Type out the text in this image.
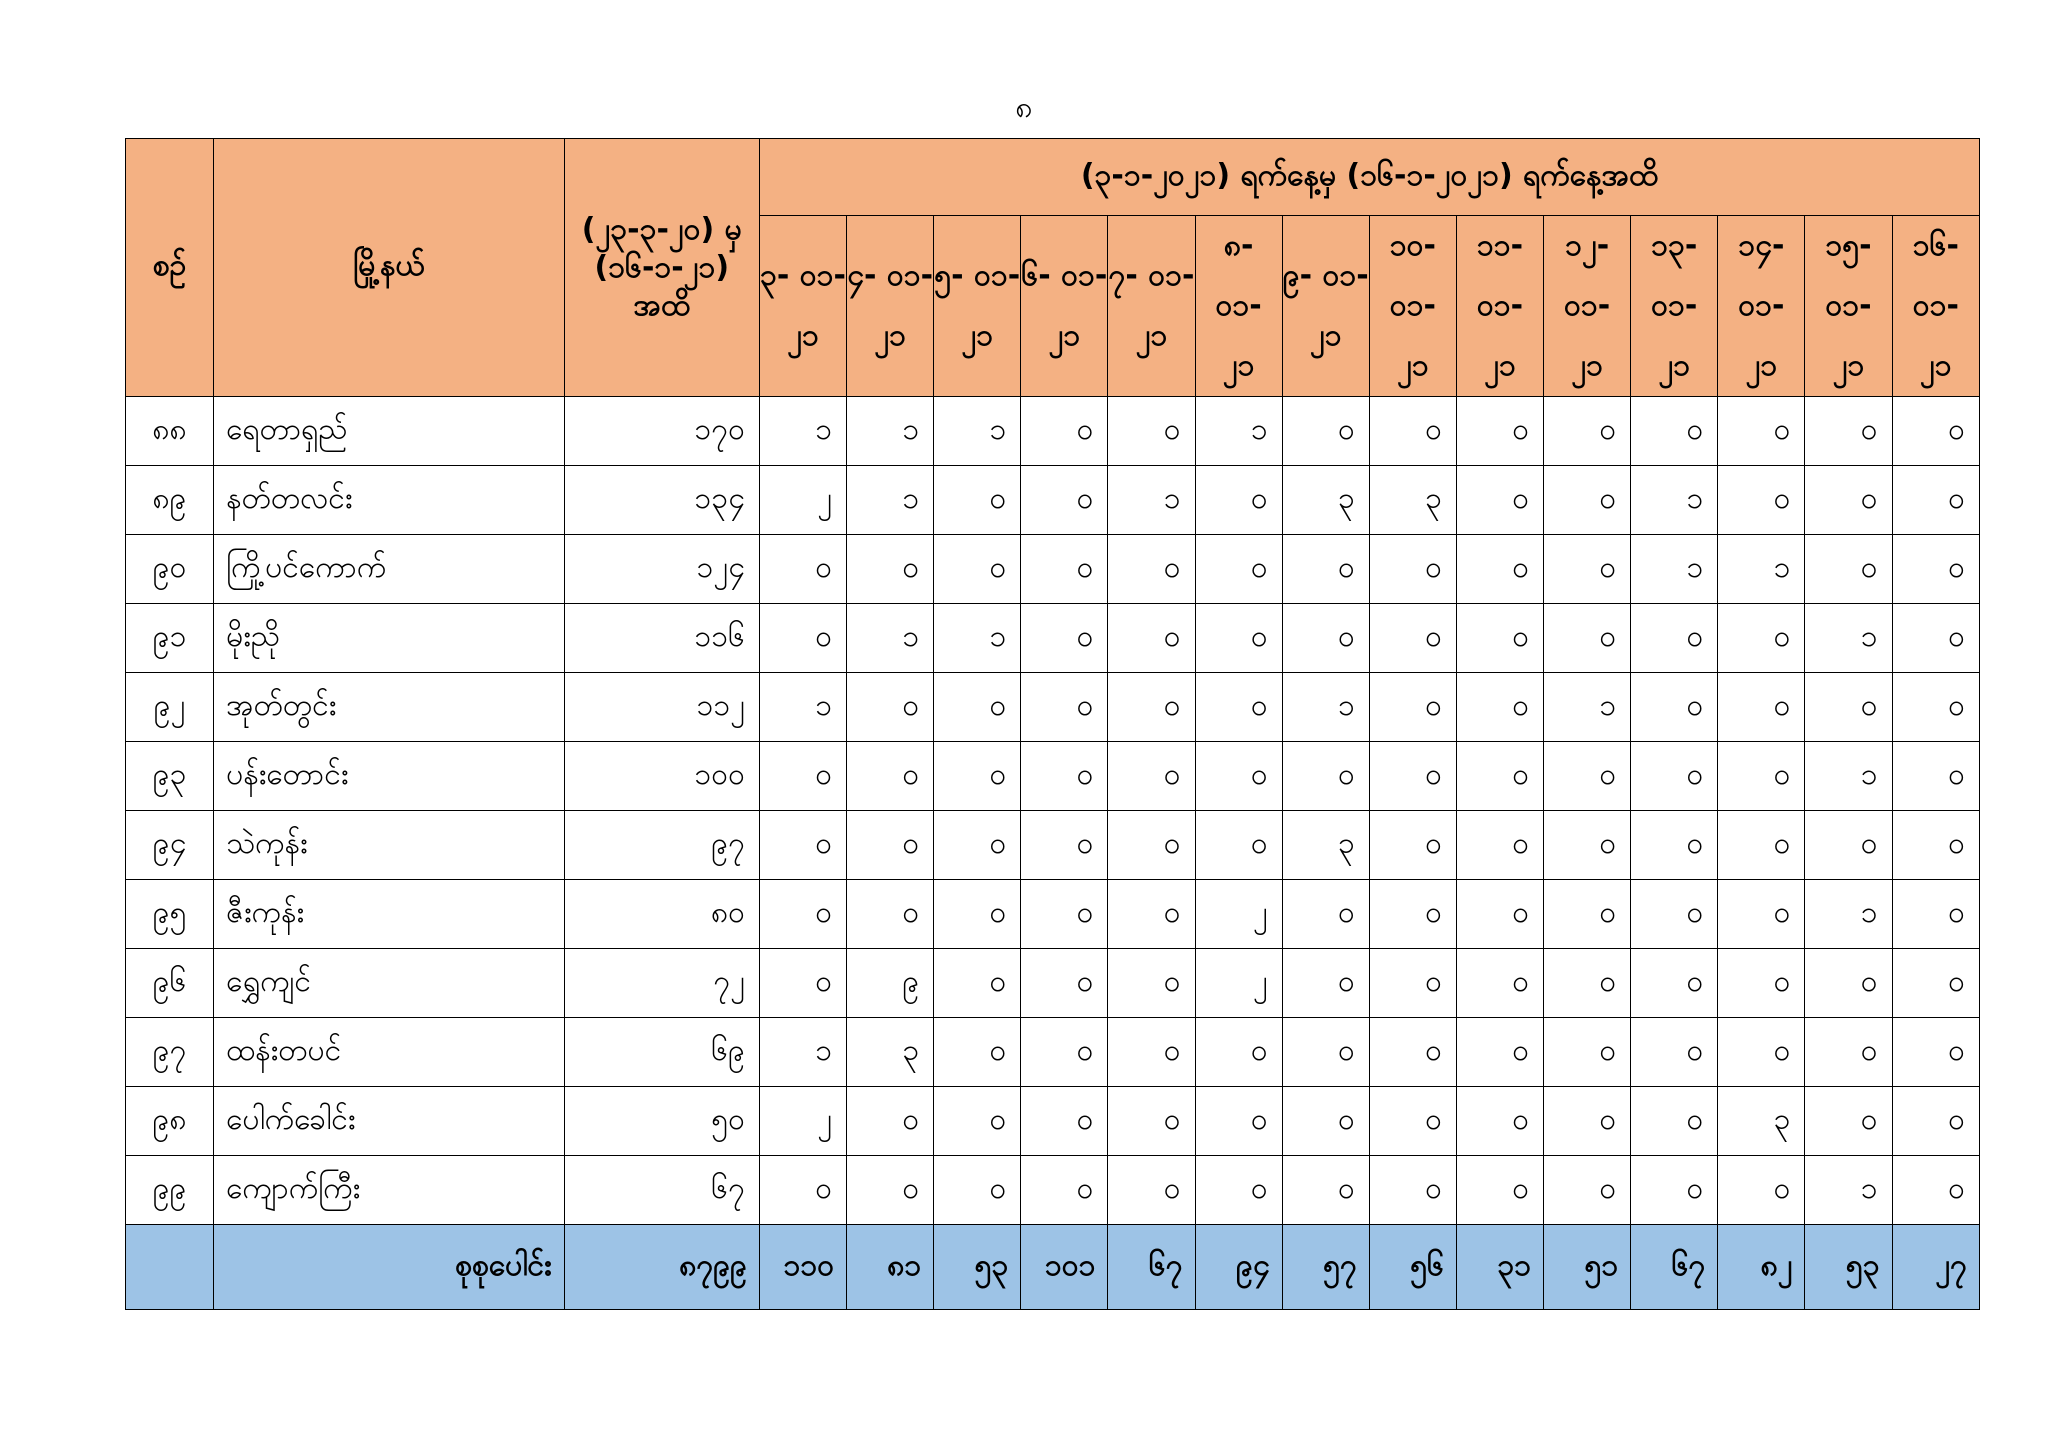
၈
စဉ်	မြို့နယ်	(၂၃-၃-၂၀) မှ (၁၆-၁-၂၁) အထိ	(၃-၁-၂၀၂၁) ရက်နေ့မှ (၁၆-၁-၂၀၂၁) ရက်နေ့အထိ													
			၃- ၀၁- ၂၁	၄- ၀၁- ၂၁	၅- ၀၁- ၂၁	၆- ၀၁- ၂၁	၇- ၀၁- ၂၁	၈- ၀၁- ၂၁	၉- ၀၁- ၂၁	၁၀- ၀၁- ၂၁	၁၁- ၀၁- ၂၁	၁၂- ၀၁- ၂၁	၁၃- ၀၁- ၂၁	၁၄- ၀၁- ၂၁	၁၅- ၀၁- ၂၁	၁၆- ၀၁- ၂၁
၈၈	ရေတာရှည်	၁၇၀	၁	၁	၁	၀	၀	၁	၀	၀	၀	၀	၀	၀	၀	၀
၈၉	နတ်တလင်း	၁၃၄	၂	၁	၀	၀	၁	၀	၃	၃	၀	၀	၁	၀	၀	၀
၉၀	ကြို့ပင်ကောက်	၁၂၄	၀	၀	၀	၀	၀	၀	၀	၀	၀	၀	၁	၁	၀	၀
၉၁	မိုးညို	၁၁၆	၀	၁	၁	၀	၀	၀	၀	၀	၀	၀	၀	၀	၁	၀
၉၂	အုတ်တွင်း	၁၁၂	၁	၀	၀	၀	၀	၀	၁	၀	၀	၁	၀	၀	၀	၀
၉၃	ပန်းတောင်း	၁၀၀	၀	၀	၀	၀	၀	၀	၀	၀	၀	၀	၀	၀	၁	၀
၉၄	သဲကုန်း	၉၇	၀	၀	၀	၀	၀	၀	၃	၀	၀	၀	၀	၀	၀	၀
၉၅	ဇီးကုန်း	၈၀	၀	၀	၀	၀	၀	၂	၀	၀	၀	၀	၀	၀	၁	၀
၉၆	ရွှေကျင်	၇၂	၀	၉	၀	၀	၀	၂	၀	၀	၀	၀	၀	၀	၀	၀
၉၇	ထန်းတပင်	၆၉	၁	၃	၀	၀	၀	၀	၀	၀	၀	၀	၀	၀	၀	၀
၉၈	ပေါက်ခေါင်း	၅၀	၂	၀	၀	၀	၀	၀	၀	၀	၀	၀	၀	၃	၀	၀
၉၉	ကျောက်ကြီး	၆၇	၀	၀	၀	၀	၀	၀	၀	၀	၀	၀	၀	၀	၁	၀
	စုစုပေါင်း	၈၇၉၉	၁၁၀	၈၁	၅၃	၁၀၁	၆၇	၉၄	၅၇	၅၆	၃၁	၅၁	၆၇	၈၂	၅၃	၂၇
